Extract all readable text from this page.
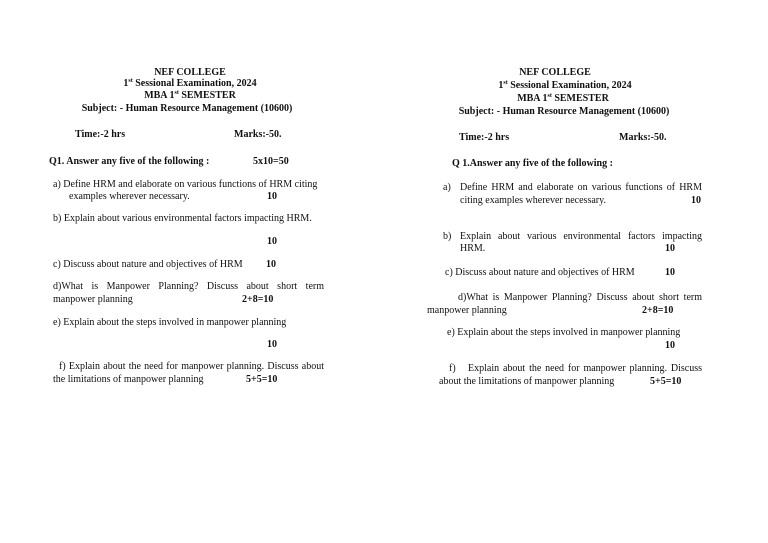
NEF COLLEGE
1st Sessional Examination, 2024
MBA 1st SEMESTER
Subject: - Human Resource Management (10600)
Time:-2 hrs	Marks:-50.
Q1. Answer any five of the following :	5x10=50
a) Define HRM and elaborate on various functions of HRM citing
examples wherever necessary.	10
b) Explain about various environmental factors impacting HRM.
10
c) Discuss about nature and objectives of HRM 10
d)What is Manpower Planning? Discuss about short term
manpower planning	2+8=10
e) Explain about the steps involved in manpower planning
10
f) Explain about the need for manpower planning. Discuss about
the limitations of manpower planning	5+5=10
NEF COLLEGE
1st Sessional Examination, 2024
MBA 1st SEMESTER
Subject: - Human Resource Management (10600)
Time:-2 hrs	Marks:-50.
Q 1.Answer any five of the following :
a) Define HRM and elaborate on various functions of HRM
citing examples wherever necessary.	10
b) Explain about various environmental factors impacting
HRM.	10
c) Discuss about nature and objectives of HRM	10
d)What is Manpower Planning? Discuss about short term
manpower planning	2+8=10
e) Explain about the steps involved in manpower planning
10
f) Explain about the need for manpower planning. Discuss
about the limitations of manpower planning	5+5=10
